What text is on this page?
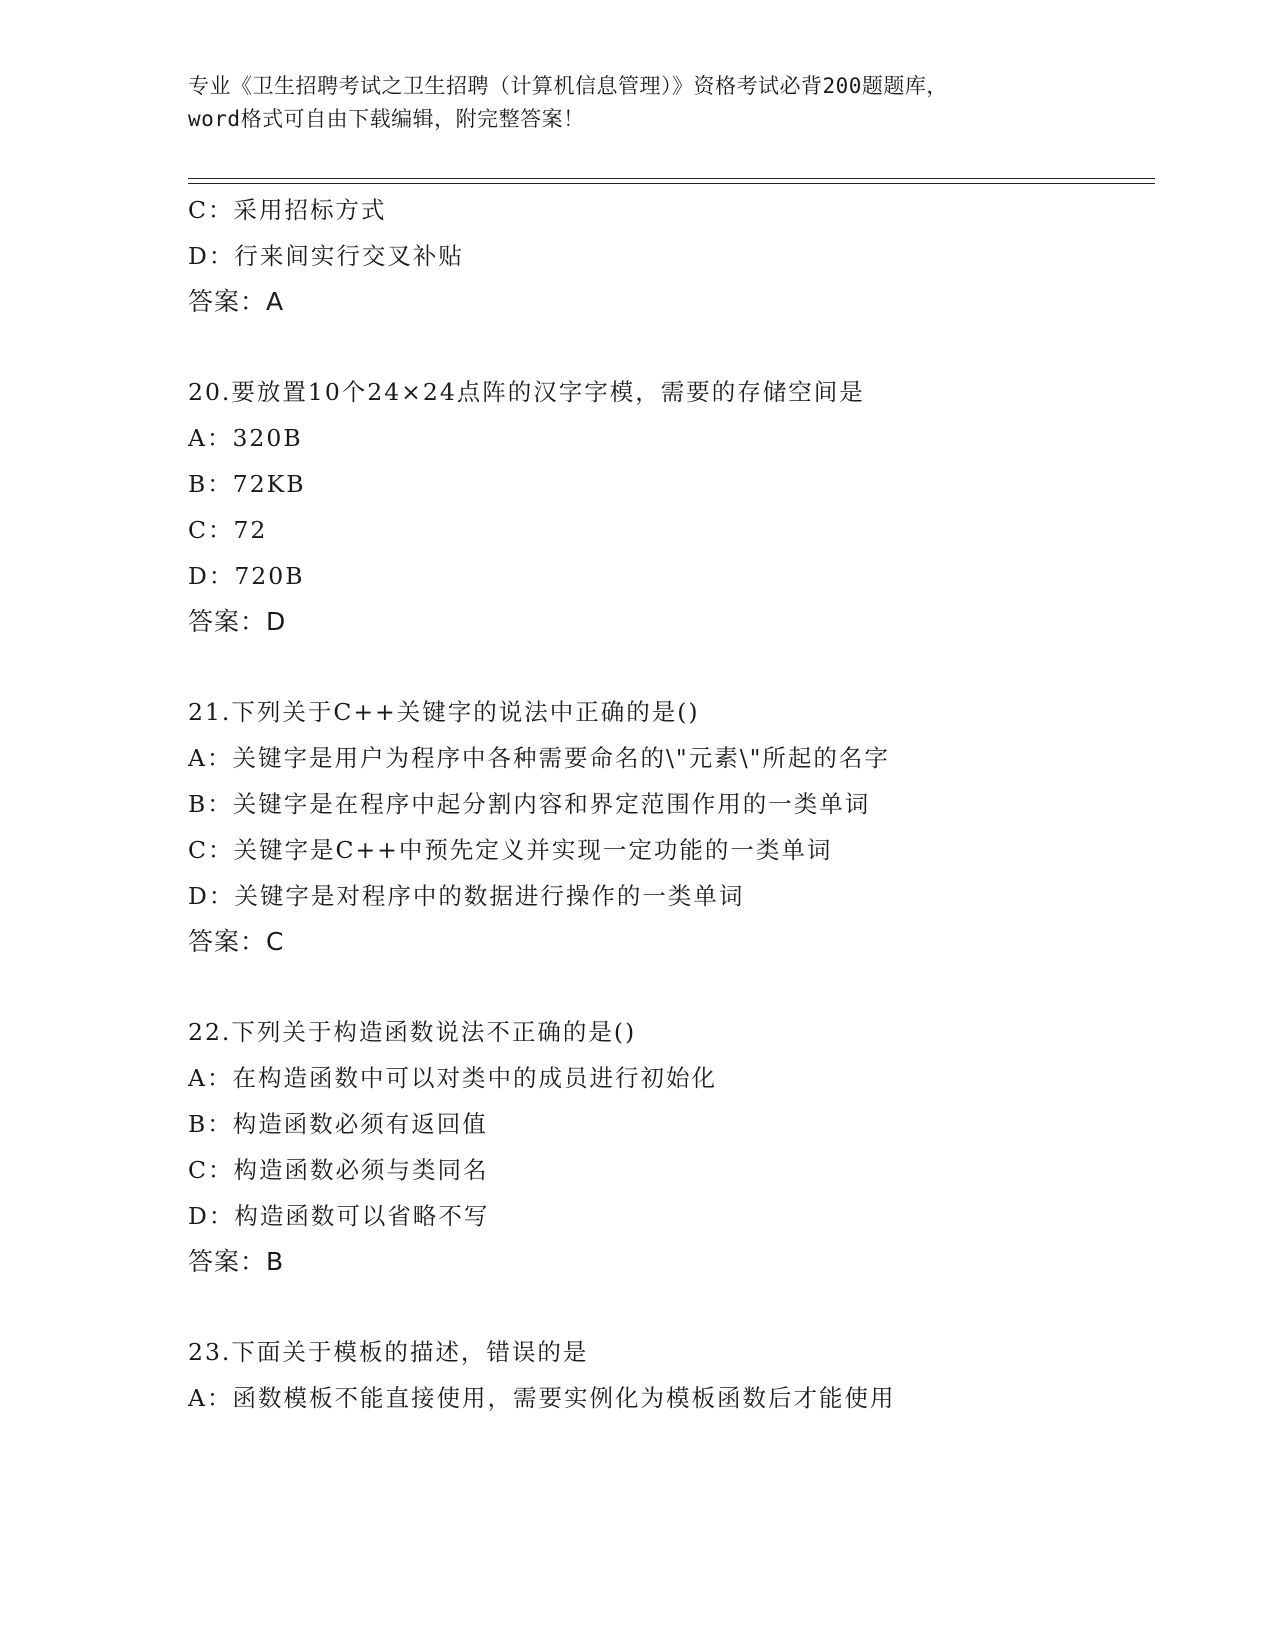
专业《卫生招聘考试之卫生招聘（计算机信息管理）》资格考试必背200题题库，
word格式可自由下载编辑，附完整答案！
C：采用招标方式
D：行来间实行交叉补贴
答案：A
20.要放置10个24×24点阵的汉字字模，需要的存储空间是
A：320B
B：72KB
C：72
D：720B
答案：D
21.下列关于C++关键字的说法中正确的是()
A：关键字是用户为程序中各种需要命名的\"元素\"所起的名字
B：关键字是在程序中起分割内容和界定范围作用的一类单词
C：关键字是C++中预先定义并实现一定功能的一类单词
D：关键字是对程序中的数据进行操作的一类单词
答案：C
22.下列关于构造函数说法不正确的是()
A：在构造函数中可以对类中的成员进行初始化
B：构造函数必须有返回值
C：构造函数必须与类同名
D：构造函数可以省略不写
答案：B
23.下面关于模板的描述，错误的是
A：函数模板不能直接使用，需要实例化为模板函数后才能使用
